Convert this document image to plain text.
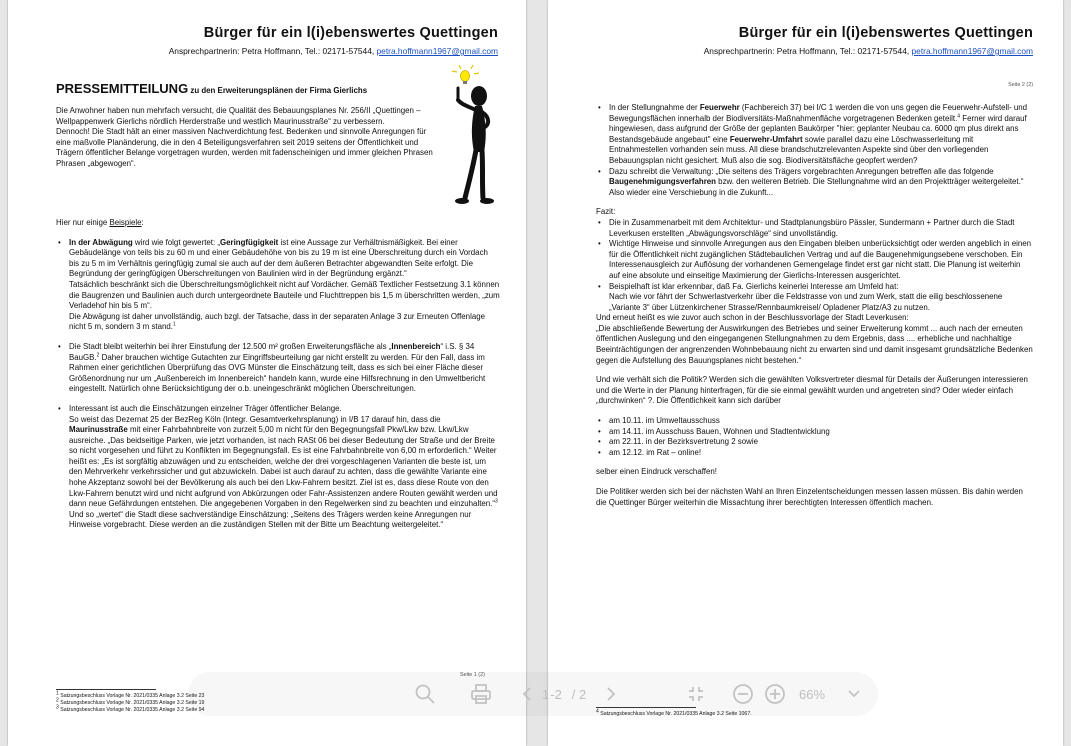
Bürger für ein l(i)ebenswertes Quettingen
Ansprechpartnerin: Petra Hoffmann, Tel.: 02171-57544, petra.hoffmann1967@gmail.com
PRESSEMITTEILUNG zu den Erweiterungsplänen der Firma Gierlichs

Die Anwohner haben nun mehrfach versucht, die Qualität des Bebauungsplanes Nr. 256/II „Quettingen – Wellpappenwerk Gierlichs nördlich Herderstraße und westlich Maurinusstraße“ zu verbessern.

Dennoch! Die Stadt hält an einer massiven Nachverdichtung fest. Bedenken und sinnvolle Anregungen für eine maßvolle Planänderung, die in den 4 Beteiligungsverfahren seit 2019 seitens der Öffentlichkeit und Trägern öffentlicher Belange vorgetragen wurden, werden mit fadenscheinigen und immer gleichen Phrasen Phrasen „abgewogen“.

Hier nur einige Beispiele:

• In der Abwägung wird wie folgt gewertet: „Geringfügigkeit ist eine Aussage zur Verhältnismäßigkeit. Bei einer Gebäudelänge von teils bis zu 60 m und einer Gebäudehöhe von bis zu 19 m ist eine Überschreitung durch ein Vordach bis zu 5 m im Verhältnis geringfügig zumal sie auch auf der dem äußeren Betrachter abgewandten Seite erfolgt. Die Begründung der geringfügigen Überschreitungen von Baulinien wird in der Begründung ergänzt.“

Tatsächlich beschränkt sich die Überschreitungsmöglichkeit nicht auf Vordächer. Gemäß Textlicher Festsetzung 3.1 können die Baugrenzen und Baulinien auch durch untergeordnete Bauteile und Fluchttreppen bis 1,5 m überschritten werden, „zum Verladehof hin bis 5 m“.

Die Abwägung ist daher unvollständig, auch bzgl. der Tatsache, dass in der separaten Anlage 3 zur Erneuten Offenlage nicht 5 m, sondern 3 m stand.$^1$

• Die Stadt bleibt weiterhin bei ihrer Einstufung der 12.500 m² großen Erweiterungsfläche als „Innenbereich“ i.S. § 34 BauGB.$^2$ Daher brauchen wichtige Gutachten zur Eingriffsbeurteilung gar nicht erstellt zu werden. Für den Fall, dass im Rahmen einer gerichtlichen Überprüfung das OVG Münster die Einschätzung teilt, dass es sich bei einer Fläche dieser Größenordnung nur um „Außenbereich im Innenbereich“ handeln kann, wurde eine Hilfsrechnung in den Umweltbericht eingestellt. Natürlich ohne Berücksichtigung der o.b. uneingeschränkt möglichen Überschreitungen.

• Interessant ist auch die Einschätzungen einzelner Träger öffentlicher Belange.

So weist das Dezernat 25 der BezReg Köln (Integr. Gesamtverkehrsplanung) in I/B 17 darauf hin, dass die Maurinusstraße mit einer Fahrbahnbreite von zurzeit 5,00 m nicht für den Begegnungsfall Pkw/Lkw bzw. Lkw/Lkw ausreiche. „Das beidseitige Parken, wie jetzt vorhanden, ist nach RASt 06 bei dieser Bedeutung der Straße und der Breite so nicht vorgesehen und führt zu Konflikten im Begegnungsfall. Es ist eine Fahrbahnbreite von 6,00 m erforderlich.“ Weiter heißt es: „Es ist sorgfältig abzuwägen und zu entscheiden, welche der drei vorgeschlagenen Varianten die beste ist, um den Mehrverkehr verkehrssicher und gut abzuwickeln. Dabei ist auch darauf zu achten, dass die gewählte Variante eine hohe Akzeptanz sowohl bei der Bevölkerung als auch bei den Lkw-Fahrern besitzt. Ziel ist es, dass diese Route von den Lkw-Fahrern benutzt wird und nicht aufgrund von Abkürzungen oder Fahr-Assistenzen andere Routen gewählt werden und dann neue Gefährdungen entstehen. Die angegebenen Vorgaben in den Regelwerken sind zu beachten und einzuhalten.“$^3$

Und so „wertet“ die Stadt diese sachverständige Einschätzung: „Seitens des Trägers werden keine Anregungen nur Hinweise vorgebracht. Diese werden an die zuständigen Stellen mit der Bitte um Beachtung weitergeleitet.“

Seite 1 (2)
$^1$ Satzungsbeschluss Vorlage Nr. 2021/0335 Anlage 3.2 Seite 23
$^2$ Satzungsbeschluss Vorlage Nr. 2021/0335 Anlage 3.2 Seite 19
$^3$ Satzungsbeschluss Vorlage Nr. 2021/0335 Anlage 3.2 Seite 94
Bürger für ein l(i)ebenswertes Quettingen
Ansprechpartnerin: Petra Hoffmann, Tel.: 02171-57544, petra.hoffmann1967@gmail.com
Seite 2 (2)
• In der Stellungnahme der Feuerwehr (Fachbereich 37) bei I/C 1 werden die von uns gegen die Feuerwehr-Aufstell- und Bewegungsflächen innerhalb der Biodiversitäts-Maßnahmenfläche vorgetragenen Bedenken geteilt.$^4$ Ferner wird darauf hingewiesen, dass aufgrund der Größe der geplanten Baukörper "hier: geplanter Neubau ca. 6000 qm plus direkt ans Bestandsgebäude angebaut" eine Feuerwehr-Umfahrt sowie parallel dazu eine Löschwasserleitung mit Entnahmestellen vorhanden sein muss. All diese brandschutzrelevanten Aspekte sind über den vorliegenden Bebauungsplan nicht gesichert. Muß also die sog. Biodiversitätsfläche geopfert werden?

• Dazu schreibt die Verwaltung: „Die seitens des Trägers vorgebrachten Anregungen betreffen alle das folgende Baugenehmigungsverfahren bzw. den weiteren Betrieb. Die Stellungnahme wird an den Projektträger weitergeleitet.“ Also wieder eine Verschiebung in die Zukunft...

Fazit:

• Die in Zusammenarbeit mit dem Architektur- und Stadtplanungsbüro Pässler, Sundermann + Partner durch die Stadt Leverkusen erstellten „Abwägungsvorschläge“ sind unvollständig.

• Wichtige Hinweise und sinnvolle Anregungen aus den Eingaben bleiben unberücksichtigt oder werden angeblich in einen für die Öffentlichkeit nicht zugänglichen Städtebaulichen Vertrag und auf die Baugenehmigungsebene verschoben. Ein Interessenausgleich zur Auflösung der vorhandenen Gemengelage findet erst gar nicht statt. Die Planung ist weiterhin auf eine absolute und einseitige Maximierung der Gierlichs-Interessen ausgerichtet.

• Beispielhaft ist klar erkennbar, daß Fa. Gierlichs keinerlei Interesse am Umfeld hat:

Nach wie vor fährt der Schwerlastverkehr über die Feldstrasse von und zum Werk, statt die eilig beschlossenene „Variante 3“ über Lützenkirchener Strasse/Rennbaumkreisel/ Opladener Platz/A3 zu nutzen.

Und erneut heißt es wie zuvor auch schon in der Beschlussvorlage der Stadt Leverkusen:

„Die abschließende Bewertung der Auswirkungen des Betriebes und seiner Erweiterung kommt ... auch nach der erneuten öffentlichen Auslegung und den eingegangenen Stellungnahmen zu dem Ergebnis, dass .... erhebliche und nachhaltige Beeinträchtigungen der angrenzenden Wohnbebauung nicht zu erwarten sind und damit insgesamt grundsätzliche Bedenken gegen die Aufstellung des Bauungsplanes nicht bestehen.“

Und wie verhält sich die Politik? Werden sich die gewählten Volksvertreter diesmal für Details der Äußerungen interessieren und die Werte in der Planung hinterfragen, für die sie einmal gewählt wurden und angetreten sind? Oder wieder einfach „durchwinken“ ?. Die Öffentlichkeit kann sich darüber

• am 10.11. im Umweltausschuss
• am 14.11. im Ausschuss Bauen, Wohnen und Stadtentwicklung
• am 22.11. in der Bezirksvertretung 2 sowie
• am 12.12. im Rat – online!

selber einen Eindruck verschaffen!

Die Politiker werden sich bei der nächsten Wahl an Ihren Einzelentscheidungen messen lassen müssen. Bis dahin werden die Quettinger Bürger weiterhin die Missachtung ihrer berechtigten Interessen öffentlich machen.

$^4$ Satzungsbeschluss Vorlage Nr. 2021/0335 Anlage 3.2 Seite 1067.
1 -2 / 2	66%
